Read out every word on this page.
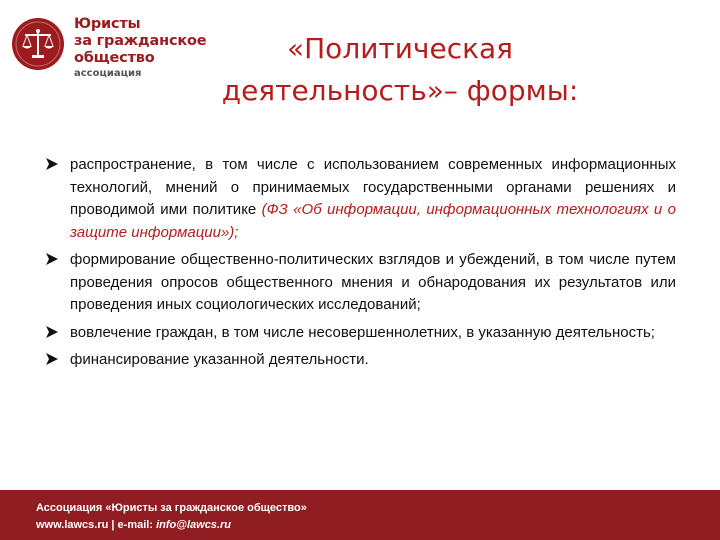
Юристы
за гражданское
общество
ассоциация
«Политическая
деятельность»– формы:
распространение, в том числе с использованием современных информационных технологий, мнений о принимаемых государственными органами решениях и проводимой ими политике (ФЗ «Об информации, информационных технологиях и о защите информации»);
формирование общественно-политических взглядов и убеждений, в том числе путем проведения опросов общественного мнения и обнародования их результатов или проведения иных социологических исследований;
вовлечение граждан, в том числе несовершеннолетних, в указанную деятельность;
финансирование указанной деятельности.
Ассоциация «Юристы за гражданское общество»
www.lawcs.ru | e-mail: info@lawcs.ru
